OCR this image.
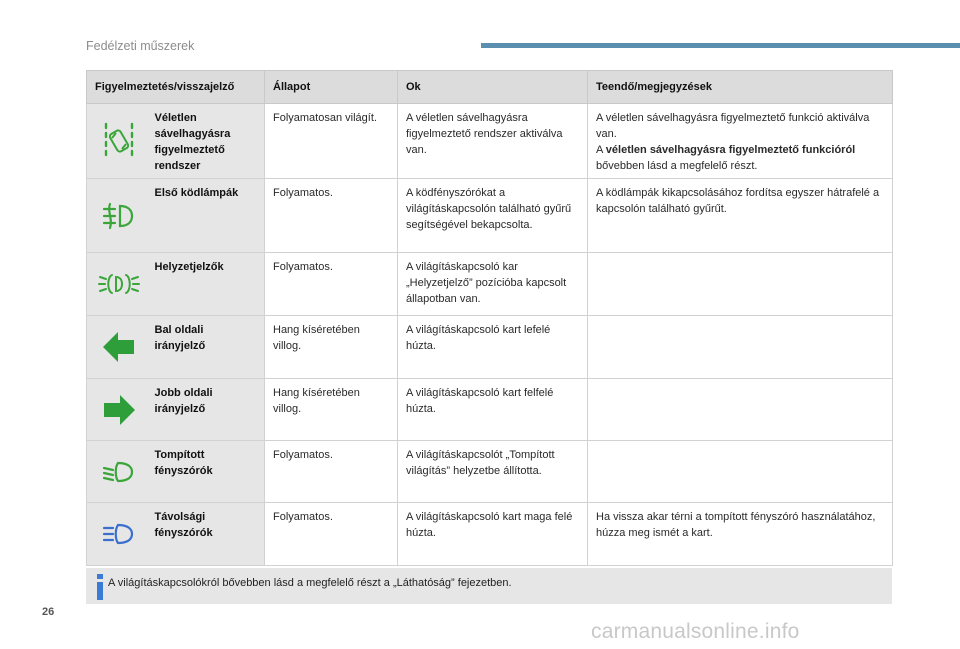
Fedélzeti műszerek
Figyelmeztetés/visszajelző		Állapot	Ok	Teendő/megjegyzések

	Véletlen sávelhagyásra figyelmeztető rendszer	Folyamatosan világít.	A véletlen sávelhagyásra figyelmeztető rendszer aktiválva van.	A véletlen sávelhagyásra figyelmeztető funkció aktiválva van.
A véletlen sávelhagyásra figyelmeztető funkcióról
bővebben lásd a megfelelő részt.

	Első ködlámpák	Folyamatos.	A ködfényszórókat a világításkapcsolón található gyűrű segítségével bekapcsolta.	A ködlámpák kikapcsolásához fordítsa egyszer hátrafelé a kapcsolón található gyűrűt.

	Helyzetjelzők	Folyamatos.	A világításkapcsoló kar „Helyzetjelző” pozícióba kapcsolt állapotban van.	

	Bal oldali irányjelző	Hang kíséretében villog.	A világításkapcsoló kart lefelé húzta.	

	Jobb oldali irányjelző	Hang kíséretében villog.	A világításkapcsoló kart felfelé húzta.	

	Tompított fényszórók	Folyamatos.	A világításkapcsolót „Tompított világítás” helyzetbe állította.	

	Távolsági fényszórók	Folyamatos.	A világításkapcsoló kart maga felé húzta.	Ha vissza akar térni a tompított fényszóró használatához, húzza meg ismét a kart.
A világításkapcsolókról bővebben lásd a megfelelő részt a „Láthatóság” fejezetben.
26
carmanualsonline.info
